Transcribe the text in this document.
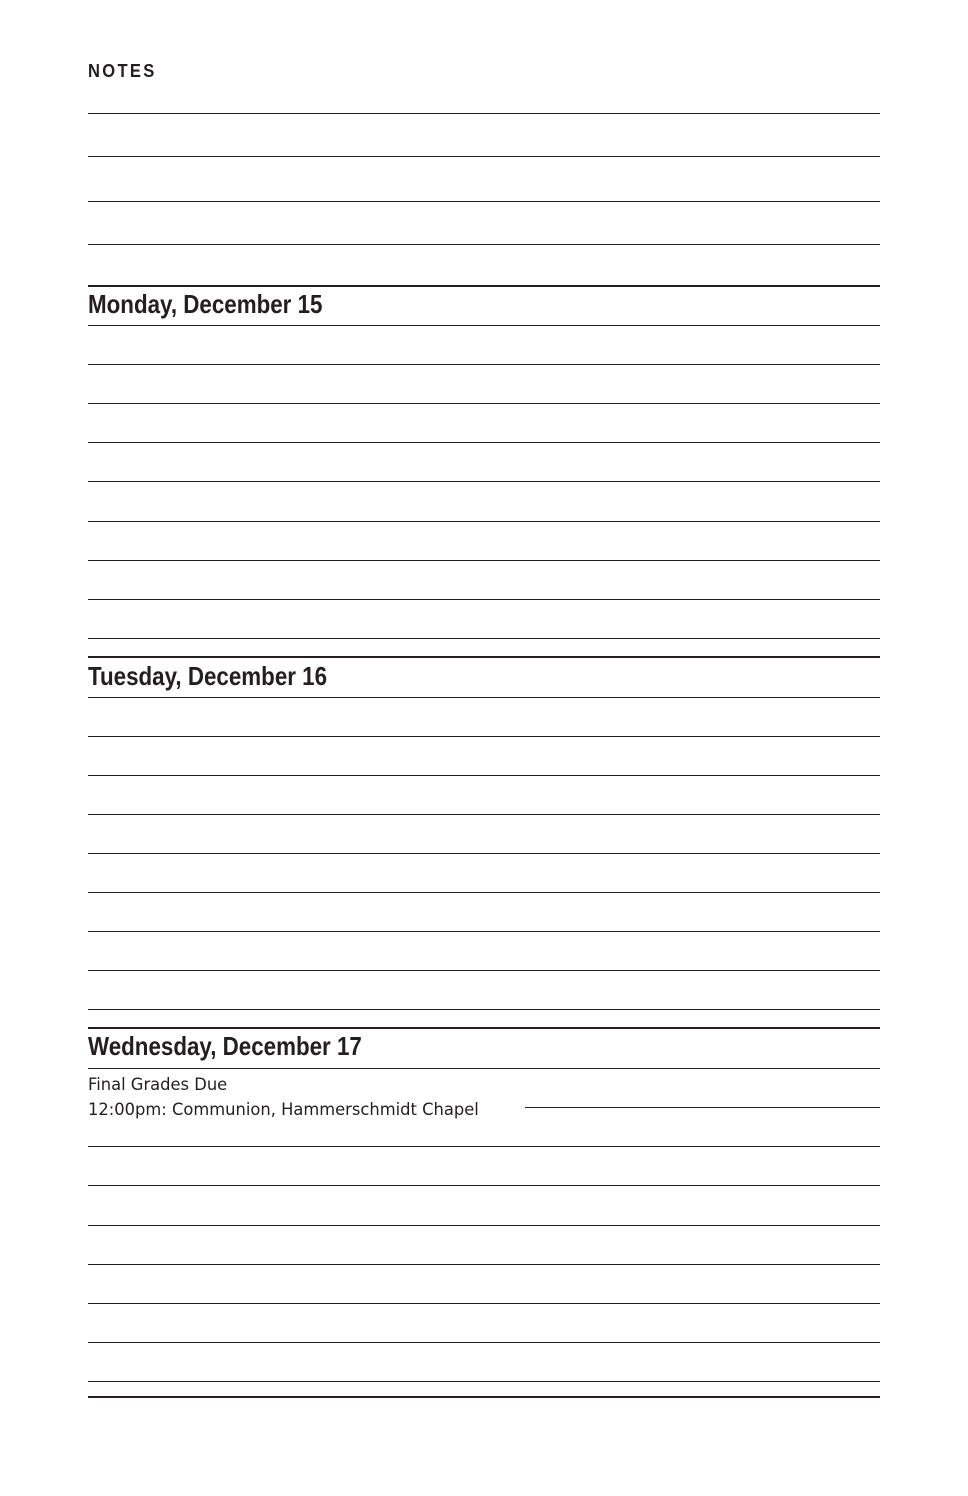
NOTES
Monday, December 15
Tuesday, December 16
Wednesday, December 17
Final Grades Due
12:00pm: Communion, Hammerschmidt Chapel
